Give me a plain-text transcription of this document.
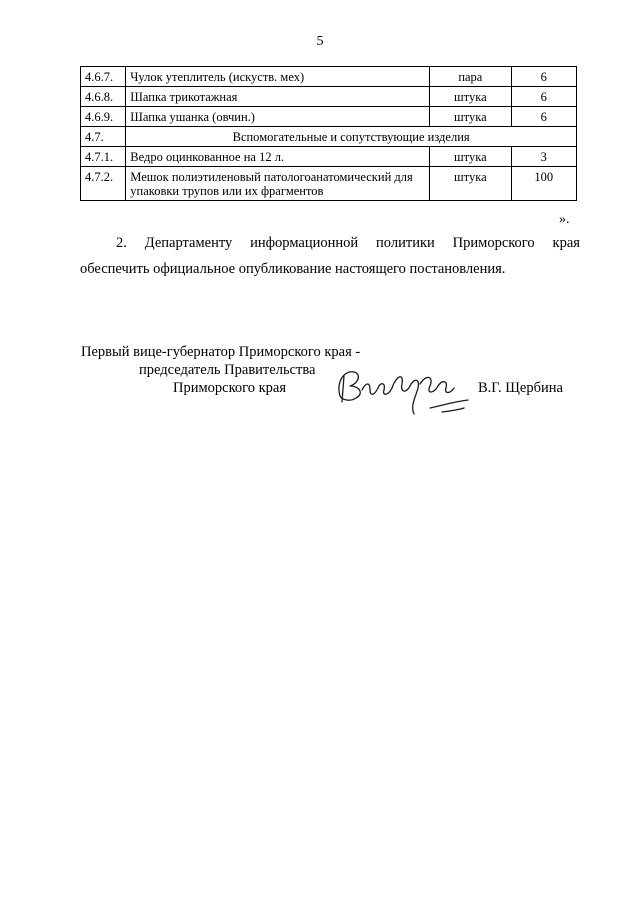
5
4.6.7.	Чулок утеплитель (искуств. мех)	пара	6
4.6.8.	Шапка трикотажная	штука	6
4.6.9.	Шапка ушанка (овчин.)	штука	6
4.7.	Вспомогательные и сопутствующие изделия		
4.7.1.	Ведро оцинкованное на 12 л.	штука	3
4.7.2.	Мешок полиэтиленовый патологоанатомический для упаковки трупов или их фрагментов	штука	100
».
2. Департаменту информационной политики Приморского края
обеспечить официальное опубликование настоящего постановления.
Первый вице-губернатор Приморского края -
председатель Правительства
Приморского края	В.Г. Щербина
